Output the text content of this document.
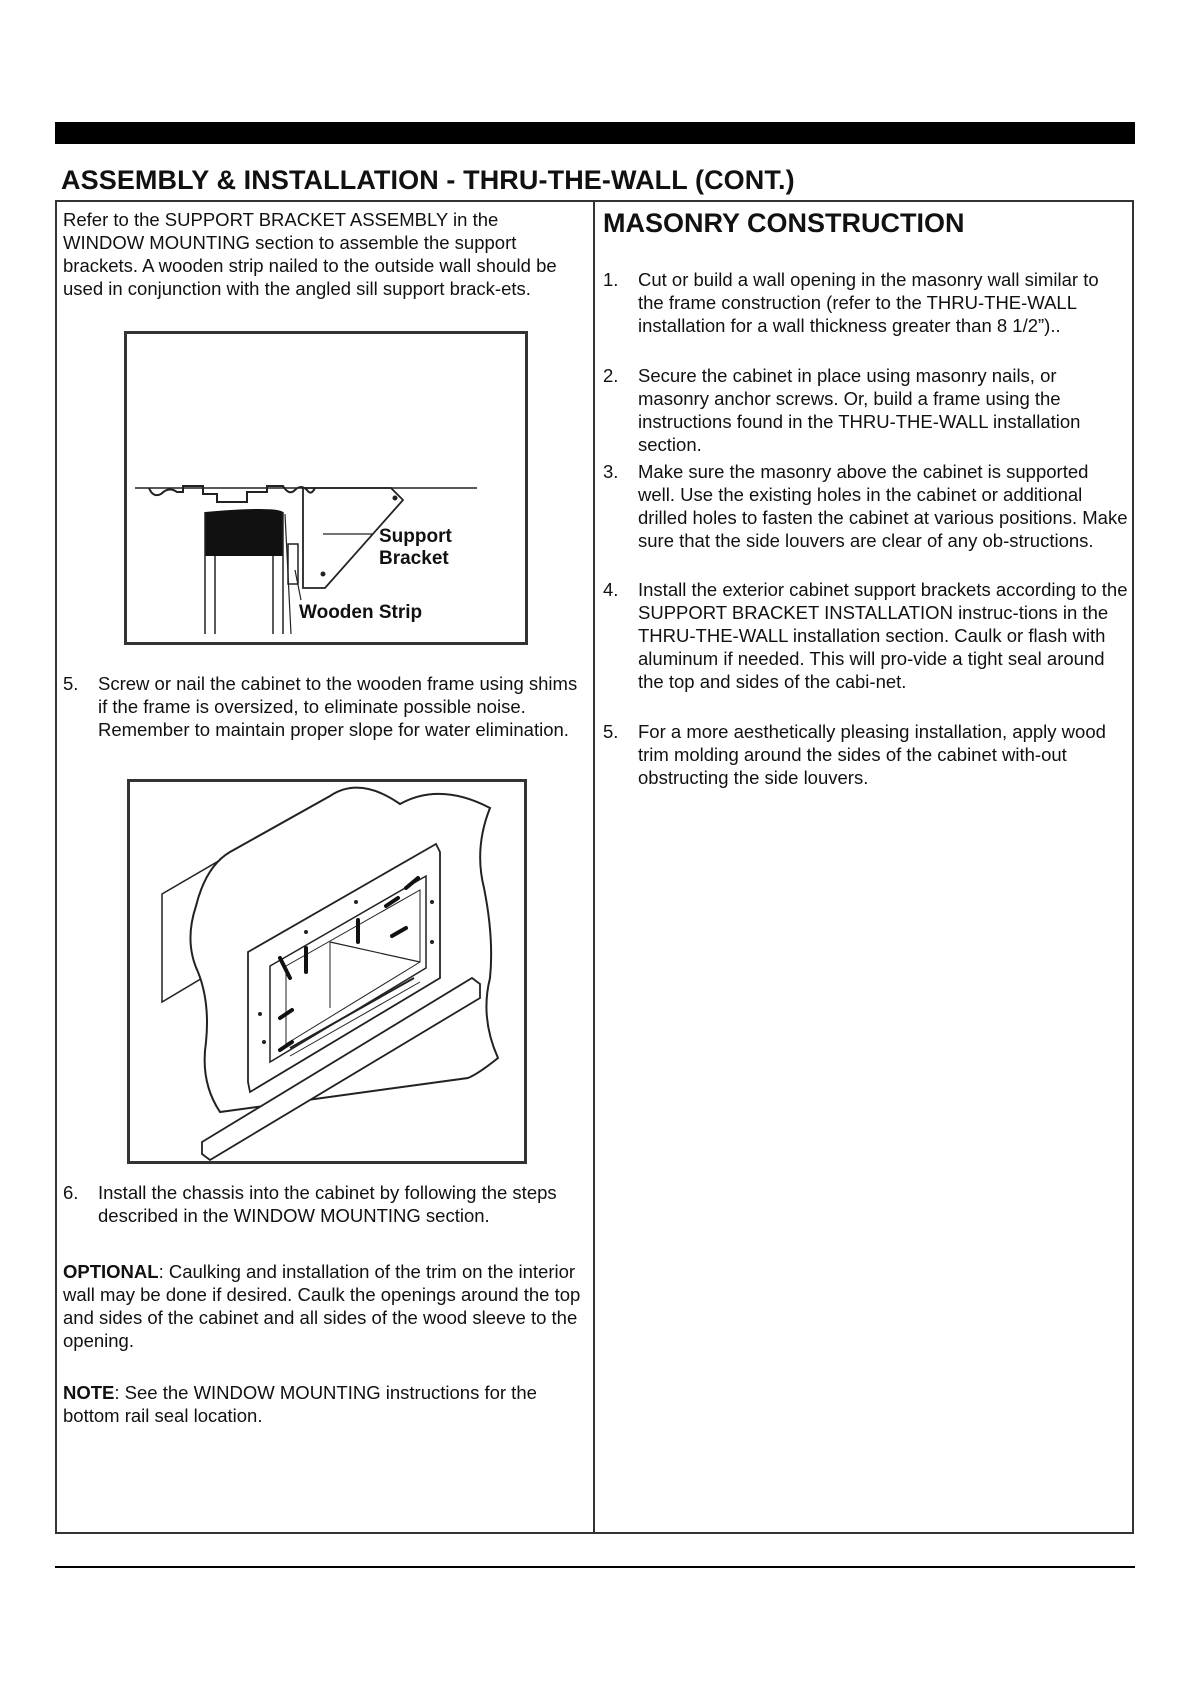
ASSEMBLY & INSTALLATION - THRU-THE-WALL (CONT.)

Refer to the SUPPORT BRACKET ASSEMBLY in the WINDOW MOUNTING section to assemble the support brackets. A wooden strip nailed to the outside wall should be used in conjunction with the angled sill support brack-ets.

Support
Bracket
Wooden Strip
5. Screw or nail the cabinet to the wooden frame using shims if the frame is oversized, to eliminate possible noise. Remember to maintain proper slope for water elimination.
6. Install the chassis into the cabinet by following the steps described in the WINDOW MOUNTING section.

OPTIONAL: Caulking and installation of the trim on the interior wall may be done if desired. Caulk the openings around the top and sides of the cabinet and all sides of the wood sleeve to the opening.

NOTE: See the WINDOW MOUNTING instructions for the bottom rail seal location.

MASONRY CONSTRUCTION
1. Cut or build a wall opening in the masonry wall similar to the frame construction (refer to the THRU-THE-WALL installation for a wall thickness greater than 8 1/2”)..
2. Secure the cabinet in place using masonry nails, or masonry anchor screws. Or, build a frame using the instructions found in the THRU-THE-WALL installation section.
3. Make sure the masonry above the cabinet is supported well. Use the existing holes in the cabinet or additional drilled holes to fasten the cabinet at various positions. Make sure that the side louvers are clear of any ob-structions.
4. Install the exterior cabinet support brackets according to the SUPPORT BRACKET INSTALLATION instruc-tions in the THRU-THE-WALL installation section. Caulk or flash with aluminum if needed. This will pro-vide a tight seal around the top and sides of the cabi-net.
5. For a more aesthetically pleasing installation, apply wood trim molding around the sides of the cabinet with-out obstructing the side louvers.
